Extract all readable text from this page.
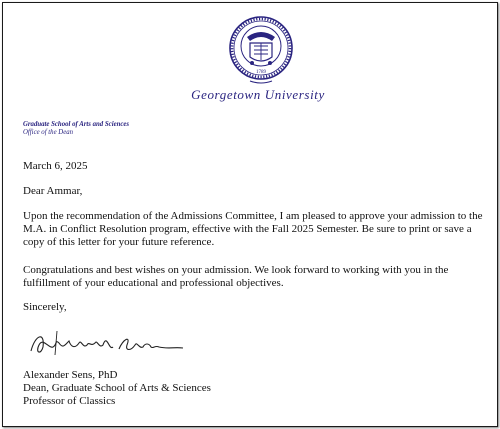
1789
Georgetown University
Graduate School of Arts and Sciences
Office of the Dean
March 6, 2025
Dear Ammar,
Upon the recommendation of the Admissions Committee, I am pleased to approve your admission to the M.A. in Conflict Resolution program, effective with the Fall 2025 Semester. Be sure to print or save a copy of this letter for your future reference.
Congratulations and best wishes on your admission. We look forward to working with you in the fulfillment of your educational and professional objectives.
Sincerely,
Alexander Sens, PhD
Dean, Graduate School of Arts & Sciences
Professor of Classics
